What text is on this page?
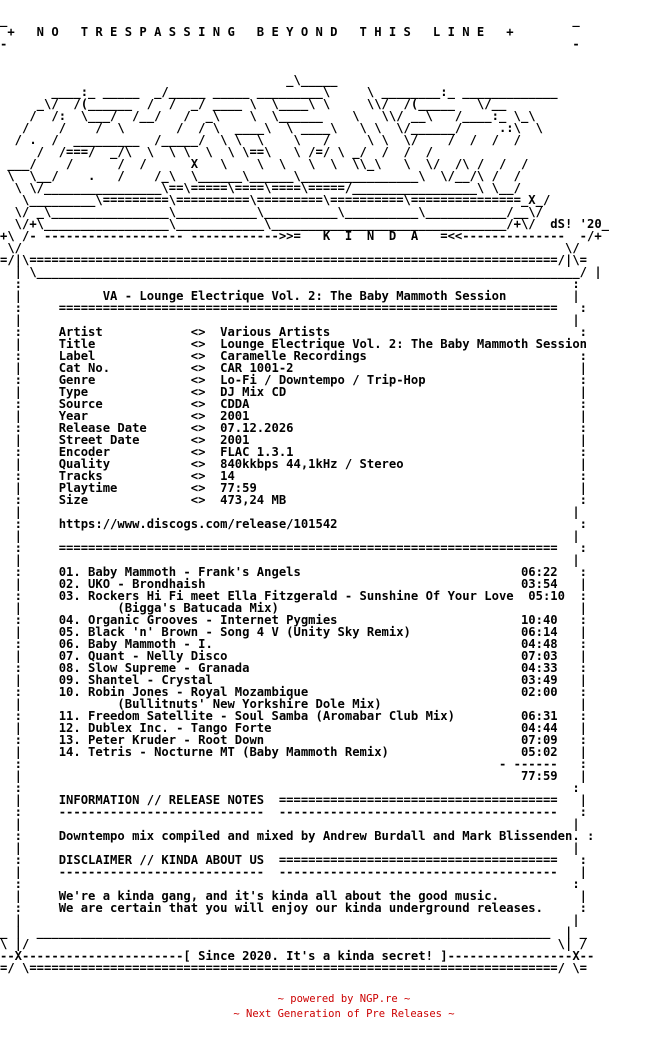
_                                                                             _
+   N O   T R E S P A S S I N G   B E Y O N D   T H I S   L I N E   +
-                                                                             -

_\_____
____:_ _____  _/_____ _____ _________\     \ ________:_ _____________
_\/  /(______  /  /  _/ ____ \  \____\ \     \\/  /(_____   \/__
/  /:  \___/  /__/   /  _\    \  \______    \   \\/ __\   /____:_ \_\
/    /    /  \       /  / \  ____\  \ ____\   \ \  \/______/     .:\  \
/ .  /  _________  /_____/  \ \  \    \   /     \ \  \/    /  /  /  /
/  /===/  _/\  \  \ \  \  \ \==\   \ /=/ \ _/  /  /  /
___/    /      /  /      X   \    \  \   \  \  \\_\   \  \/  /\ /  /  /
\  \__/    .   /    /_\  \______\______\________________\  \/__/\ /  /
\ \/________________\==\=====\====\====\=====/_________________\ \__/
\_________\=========\==========\=========\==========\===============_X_/
\/ _\________________\___________\__________\__________\___________/__\/
\/+\_________________\____________\________________________________/+\/  dS! '20_
+\ /- ------------------- ------------>>=   K  I  N  D  A   =<<--------------  -/+
\/                                                                          \/
=/|\========================================================================/|\=
| \__________________________________________________________________________/ |
:                                                                           :
|           VA - Lounge Electrique Vol. 2: The Baby Mammoth Session         |
:     ====================================================================   :
|                                                                           |
:     Artist            <>  Various Artists                                  :
|     Title             <>  Lounge Electrique Vol. 2: The Baby Mammoth Session
:     Label             <>  Caramelle Recordings                             :
|     Cat No.           <>  CAR 1001-2                                       |
:     Genre             <>  Lo-Fi / Downtempo / Trip-Hop                     :
|     Type              <>  DJ Mix CD                                        |
:     Source            <>  CDDA                                             :
|     Year              <>  2001                                             |
:     Release Date      <>  07.12.2026                                       :
|     Street Date       <>  2001                                             |
:     Encoder           <>  FLAC 1.3.1                                       :
|     Quality           <>  840kkbps 44,1kHz / Stereo                        |
:     Tracks            <>  14                                               :
|     Playtime          <>  77:59                                            |
:     Size              <>  473,24 MB                                        :
|                                                                           |
:     https://www.discogs.com/release/101542                                 :
|                                                                           |
:     ====================================================================   :
|                                                                           |
:     01. Baby Mammoth - Frank's Angels                              06:22   :
|     02. UKO - Brondhaish                                           03:54   |
:     03. Rockers Hi Fi meet Ella Fitzgerald - Sunshine Of Your Love  05:10  :
|             (Bigga's Batucada Mix)                                         |
:     04. Organic Grooves - Internet Pygmies                         10:40   :
|     05. Black 'n' Brown - Song 4 V (Unity Sky Remix)               06:14   |
:     06. Baby Mammoth - I.                                          04:48   :
|     07. Quant - Nelly Disco                                        07:03   |
:     08. Slow Supreme - Granada                                     04:33   :
|     09. Shantel - Crystal                                          03:49   |
:     10. Robin Jones - Royal Mozambique                             02:00   :
|             (Bullitnuts' New Yorkshire Dole Mix)                           |
:     11. Freedom Satellite - Soul Samba (Aromabar Club Mix)         06:31   :
|     12. Dublex Inc. - Tango Forte                                  04:44   |
:     13. Peter Kruder - Root Down                                   07:09   :
|     14. Tetris - Nocturne MT (Baby Mammoth Remix)                  05:02   |
:                                                                 - ------   :
|                                                                    77:59   |
:                                                                           :
|     INFORMATION // RELEASE NOTES  ======================================   |
:     ----------------------------  --------------------------------------   :
|                                                                           |
:     Downtempo mix compiled and mixed by Andrew Burdall and Mark Blissenden. :
|                                                                           |
:     DISCLAIMER // KINDA ABOUT US  ======================================   :
|     ----------------------------  --------------------------------------   |
:                                                                           :
|     We're a kinda gang, and it's kinda all about the good music.           |
:     We are certain that you will enjoy our kinda underground releases.     :
|                                                                           |
_ |  ______________________________________________________________________  | _
\ |/                                                                        \| /
--X----------------------[ Since 2020. It's a kinda secret! ]-----------------X--
=/ \========================================================================/ \=
~ powered by NGP.re ~
~ Next Generation of Pre Releases ~
